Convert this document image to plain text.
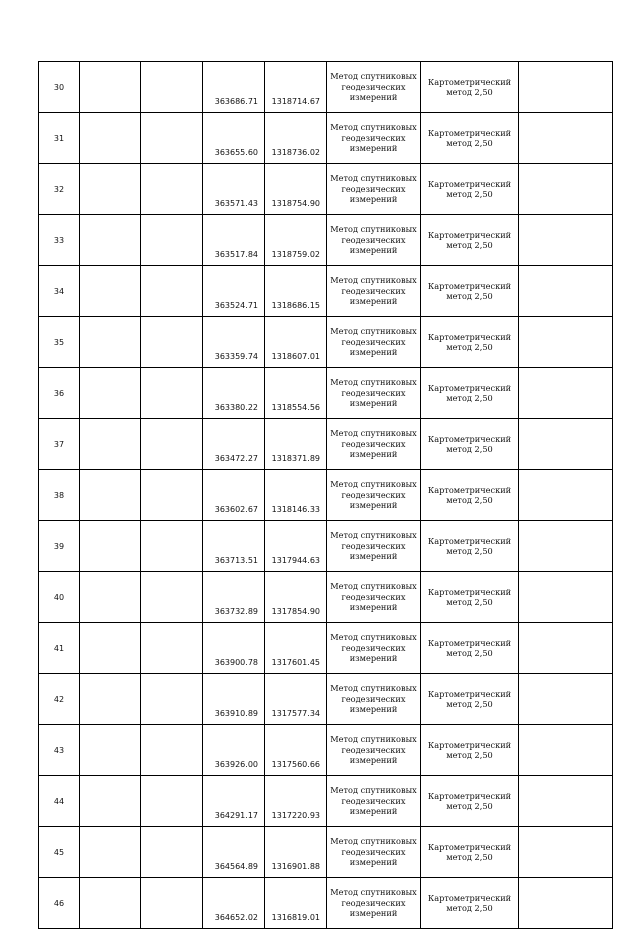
30			363686.71	1318714.67	Метод спутниковых
геодезических
измерений	Картометрический
метод 2,50	

31			363655.60	1318736.02	Метод спутниковых
геодезических
измерений	Картометрический
метод 2,50	

32			363571.43	1318754.90	Метод спутниковых
геодезических
измерений	Картометрический
метод 2,50	

33			363517.84	1318759.02	Метод спутниковых
геодезических
измерений	Картометрический
метод 2,50	

34			363524.71	1318686.15	Метод спутниковых
геодезических
измерений	Картометрический
метод 2,50	

35			363359.74	1318607.01	Метод спутниковых
геодезических
измерений	Картометрический
метод 2,50	

36			363380.22	1318554.56	Метод спутниковых
геодезических
измерений	Картометрический
метод 2,50	

37			363472.27	1318371.89	Метод спутниковых
геодезических
измерений	Картометрический
метод 2,50	

38			363602.67	1318146.33	Метод спутниковых
геодезических
измерений	Картометрический
метод 2,50	

39			363713.51	1317944.63	Метод спутниковых
геодезических
измерений	Картометрический
метод 2,50	

40			363732.89	1317854.90	Метод спутниковых
геодезических
измерений	Картометрический
метод 2,50	

41			363900.78	1317601.45	Метод спутниковых
геодезических
измерений	Картометрический
метод 2,50	

42			363910.89	1317577.34	Метод спутниковых
геодезических
измерений	Картометрический
метод 2,50	

43			363926.00	1317560.66	Метод спутниковых
геодезических
измерений	Картометрический
метод 2,50	

44			364291.17	1317220.93	Метод спутниковых
геодезических
измерений	Картометрический
метод 2,50	

45			364564.89	1316901.88	Метод спутниковых
геодезических
измерений	Картометрический
метод 2,50	

46			364652.02	1316819.01	Метод спутниковых
геодезических
измерений	Картометрический
метод 2,50	
